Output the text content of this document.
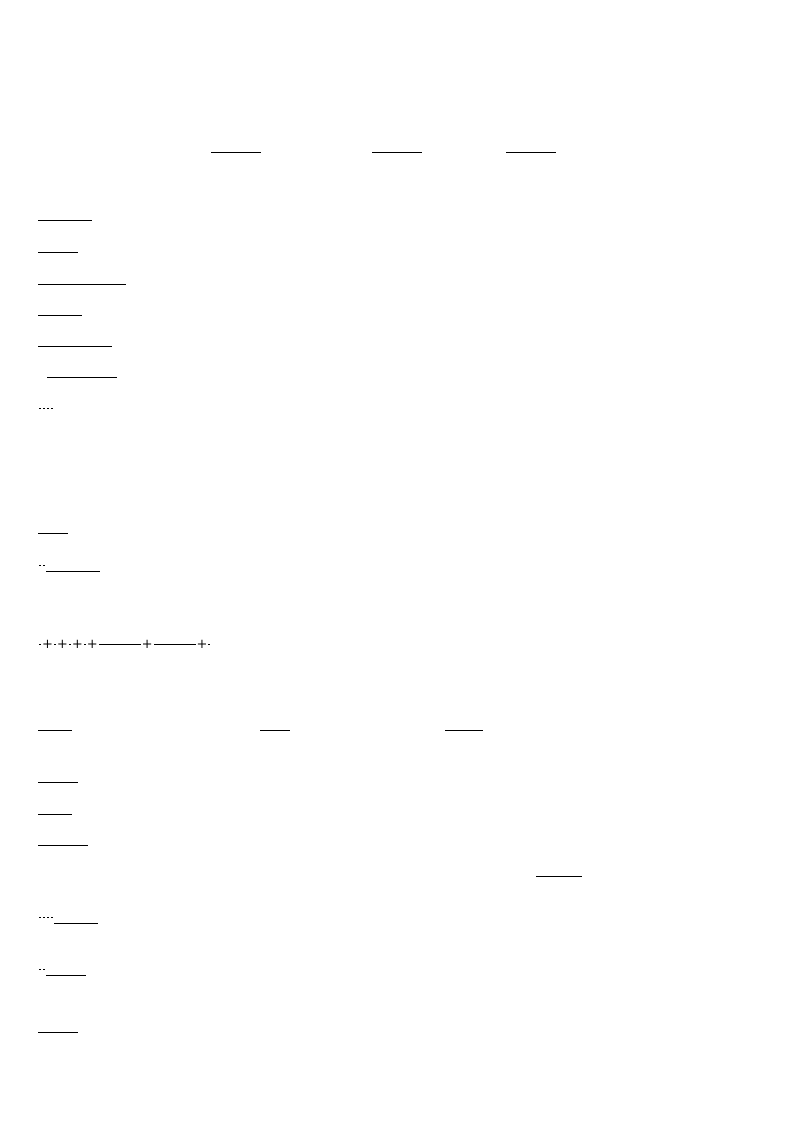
+ + + +	+	+
